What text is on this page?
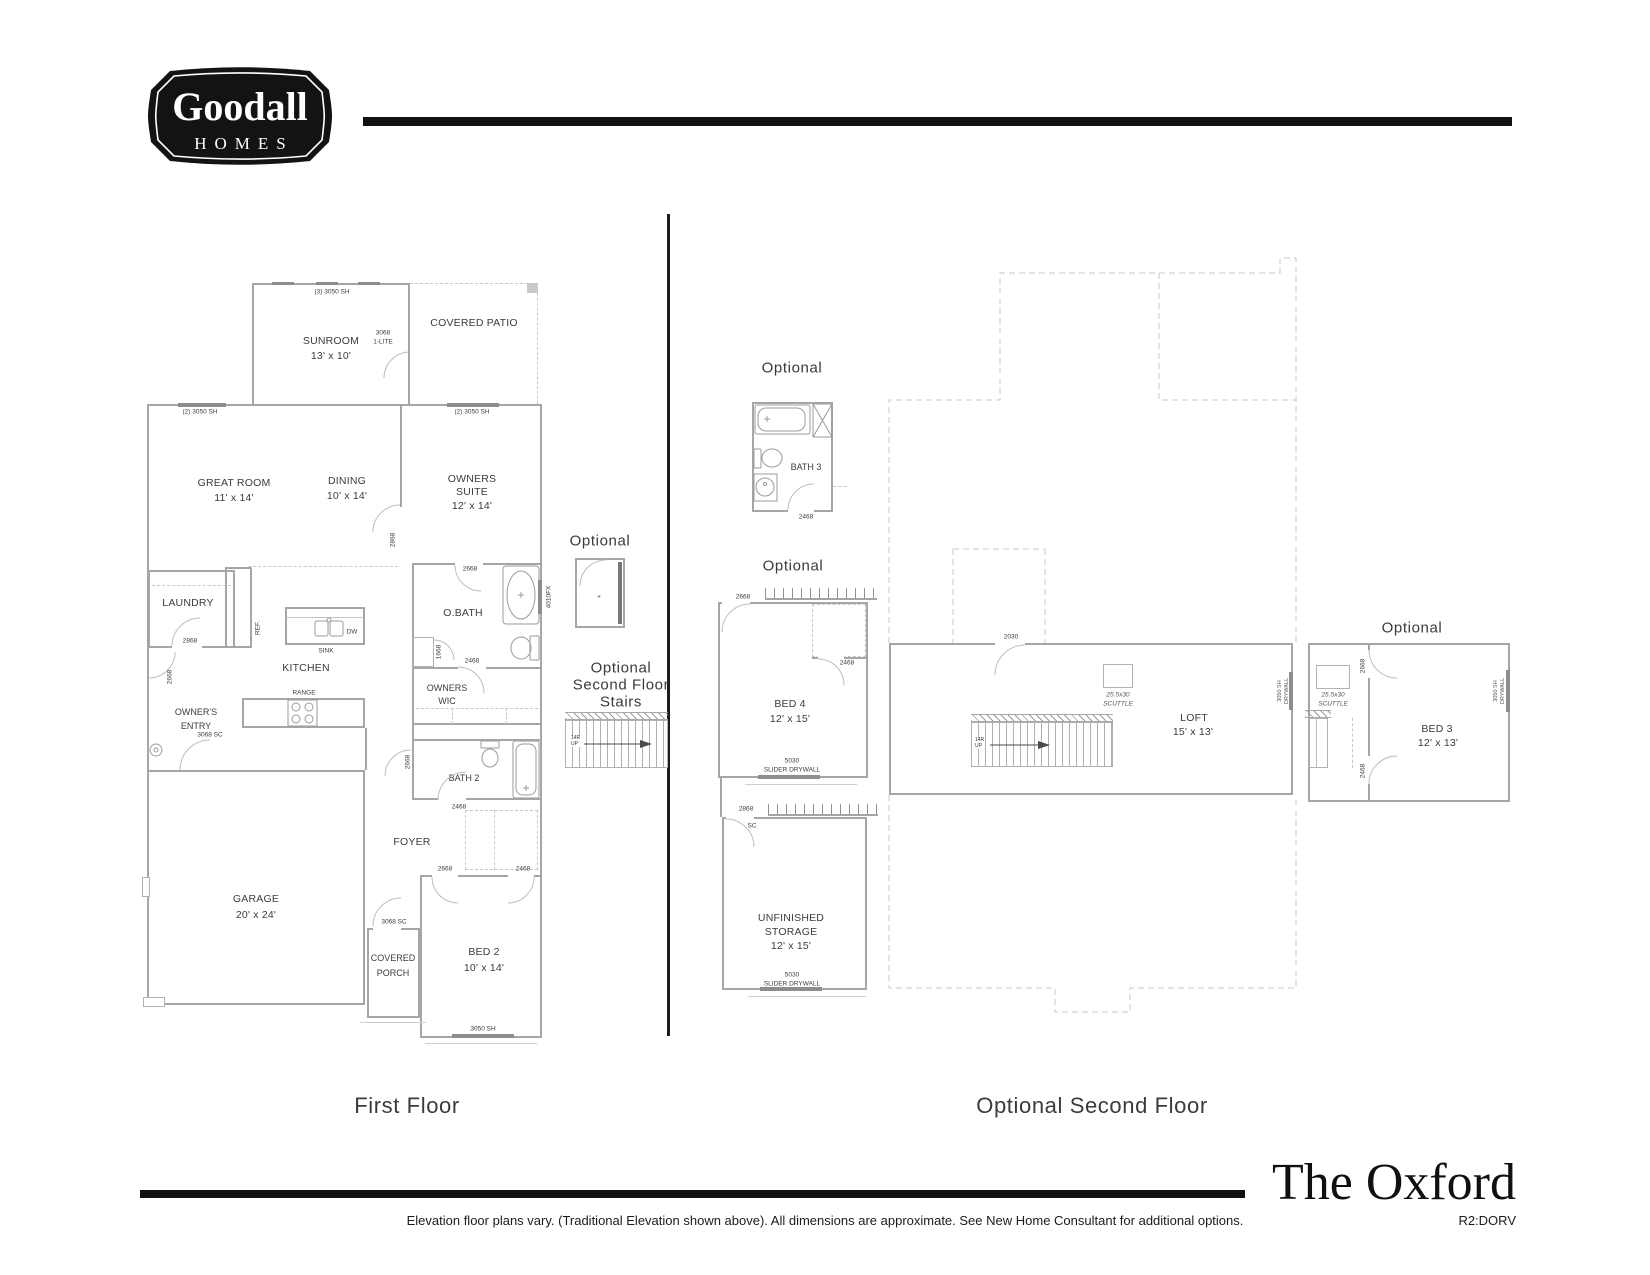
Goodall
HOMES
(3) 3050 SH
SUNROOM
13' x 10'
3068
1-LITE
COVERED PATIO
(2) 3050 SH	(2) 3050 SH
GREAT ROOM
11' x 14'
DINING
10' x 14'
OWNERS
SUITE
12' x 14'
2868
2668
4010FX
O.BATH
1668
2468
OWNERS
WIC
LAUNDRY
2868
REF.
SINK
DW
KITCHEN
RANGE
2668
OWNER'S
ENTRY
3068 SC
GARAGE
20' x 24'
BATH 2
2468
2668
FOYER
2668	2468
BED 2
10' x 14'
3050 SH
3068 SC
COVERED
PORCH
Optional
+
Optional
Second Floor
Stairs
14R
UP
Optional
BATH 3
2468
Optional
2668
2468
BED 4
12' x 15'
5030
SLIDER DRYWALL
2868
SC
UNFINISHED
STORAGE
12' x 15'
5030
SLIDER DRYWALL
2030
25.5x30
SCUTTLE
LOFT
15' x 13'
14R
UP
3050 SH DRYWALL
Optional
2668
2468
25.5x30
SCUTTLE
BED 3
12' x 13'
3050 SH DRYWALL
First Floor	Optional Second Floor
The Oxford
Elevation floor plans vary. (Traditional Elevation shown above). All dimensions are approximate. See New Home Consultant for additional options.	R2:DORV
